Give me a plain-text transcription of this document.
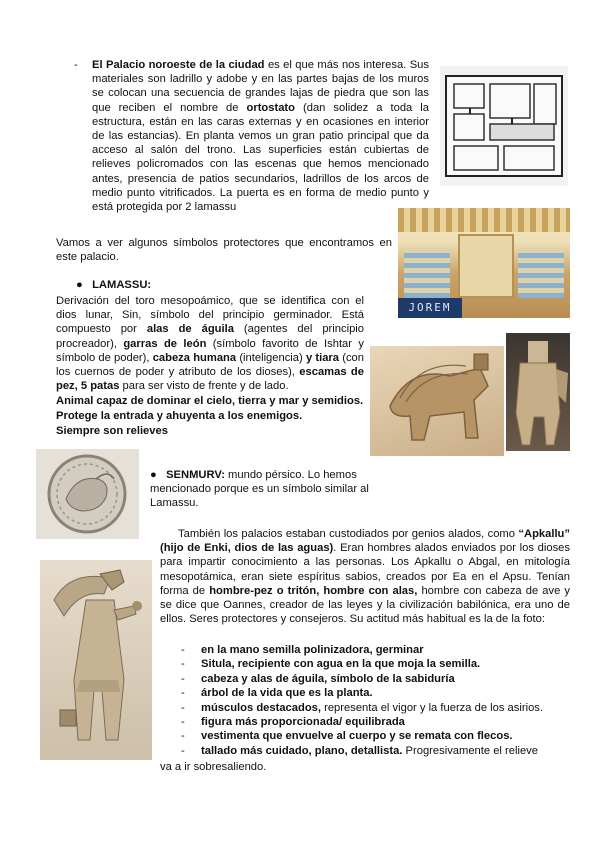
- El Palacio noroeste de la ciudad es el que más nos interesa. Sus materiales son ladrillo y adobe y en las partes bajas de los muros se colocan una secuencia de grandes lajas de piedra que son las que reciben el nombre de ortostato (dan solidez a toda la estructura, están en las caras externas y en ocasiones en interior de las estancias). En planta vemos un gran patio principal que da acceso al salón del trono. Las superficies están cubiertas de relieves policromados con las escenas que hemos mencionado antes, presencia de patios secundarios, ladrillos de los arcos de medio punto vitrificados. La puerta es en forma de medio punto y está protegida por 2 lamassu

JOREM

Vamos a ver algunos símbolos protectores que encontramos en este palacio.

● LAMASSU:

Derivación del toro mesopoámico, que se identifica con el dios lunar, Sin, símbolo del principio germinador. Está compuesto por alas de águila (agentes del principio procreador), garras de león (símbolo favorito de Ishtar y símbolo de poder), cabeza humana (inteligencia) y tiara (con los cuernos de poder y atributo de los dioses), escamas de pez, 5 patas para ser visto de frente y de lado.

Animal capaz de dominar el cielo, tierra y mar y semidios.
Protege la entrada y ahuyenta a los enemigos.
Siempre son relieves

● SENMURV: mundo pérsico. Lo hemos mencionado porque es un símbolo similar al Lamassu.

También los palacios estaban custodiados por genios alados, como “Apkallu” (hijo de Enki, dios de las aguas). Eran hombres alados enviados por los dioses para impartir conocimiento a las personas. Los Apkallu o Abgal, en mitología mesopotámica, eran siete espíritus sabios, creados por Ea en el Apsu. Tenían forma de hombre-pez o tritón, hombre con alas, hombre con cabeza de ave y se dice que Oannes, creador de las leyes y la civilización babilónica, era uno de ellos. Seres protectores y consejeros. Su actitud más habitual es la de la foto:

- en la mano semilla polinizadora, germinar
- Situla, recipiente con agua en la que moja la semilla.
- cabeza y alas de águila, símbolo de la sabiduría
- árbol de la vida que es la planta.
- músculos destacados, representa el vigor y la fuerza de los asirios.
- figura más proporcionada/ equilibrada
- vestimenta que envuelve al cuerpo y se remata con flecos.
- tallado más cuidado, plano, detallista. Progresivamente el relieve
va a ir sobresaliendo.
